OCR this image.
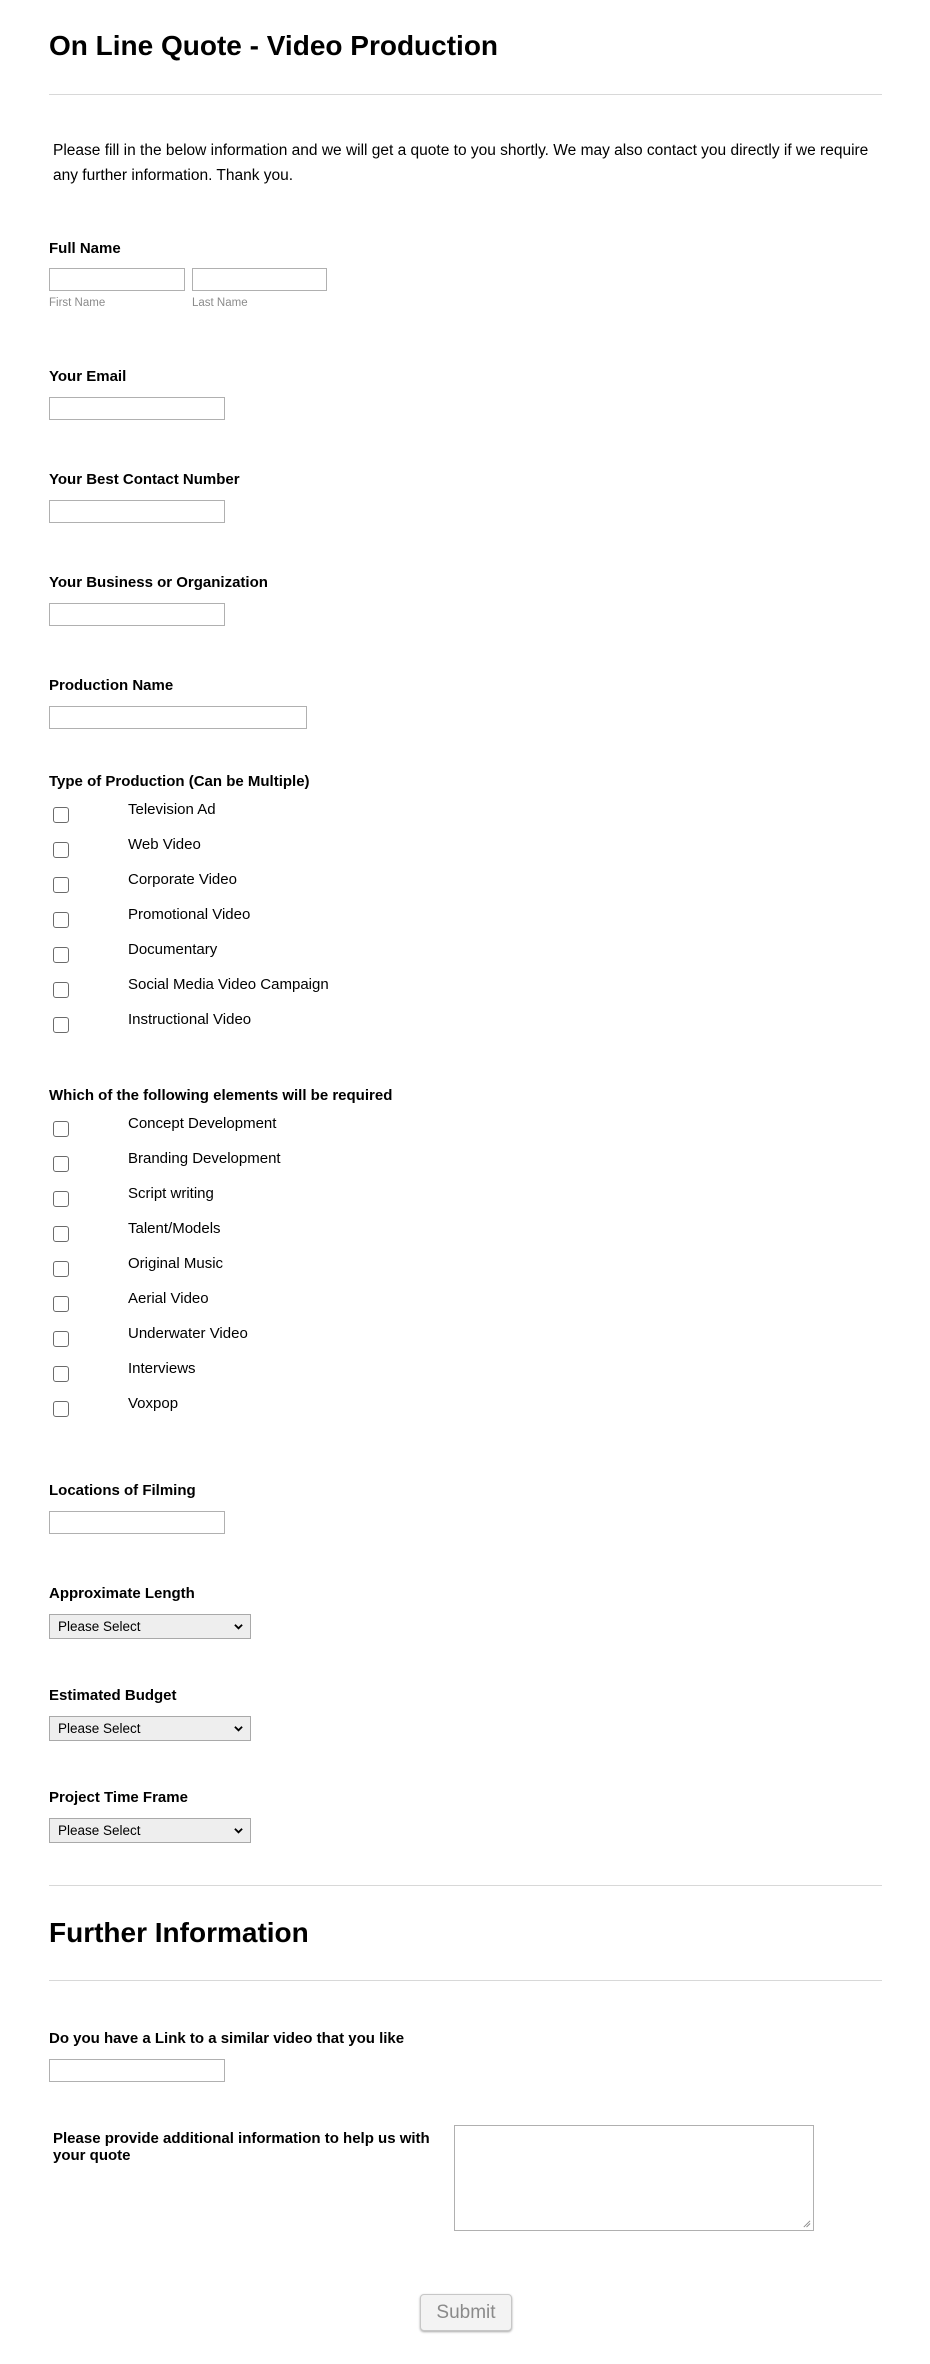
On Line Quote - Video Production

Please fill in the below information and we will get a quote to you shortly. We may also contact you directly if we require any further information. Thank you.

Full Name
First Name	Last Name
Your Email
Your Best Contact Number
Your Business or Organization
Production Name
Type of Production (Can be Multiple)
Television Ad
Web Video
Corporate Video
Promotional Video
Documentary
Social Media Video Campaign
Instructional Video
Which of the following elements will be required
Concept Development
Branding Development
Script writing
Talent/Models
Original Music
Aerial Video
Underwater Video
Interviews
Voxpop
Locations of Filming
Approximate Length
Please Select
Estimated Budget
Please Select
Project Time Frame
Please Select
Further Information
Do you have a Link to a similar video that you like
Please provide additional information to help us with your quote
Submit
